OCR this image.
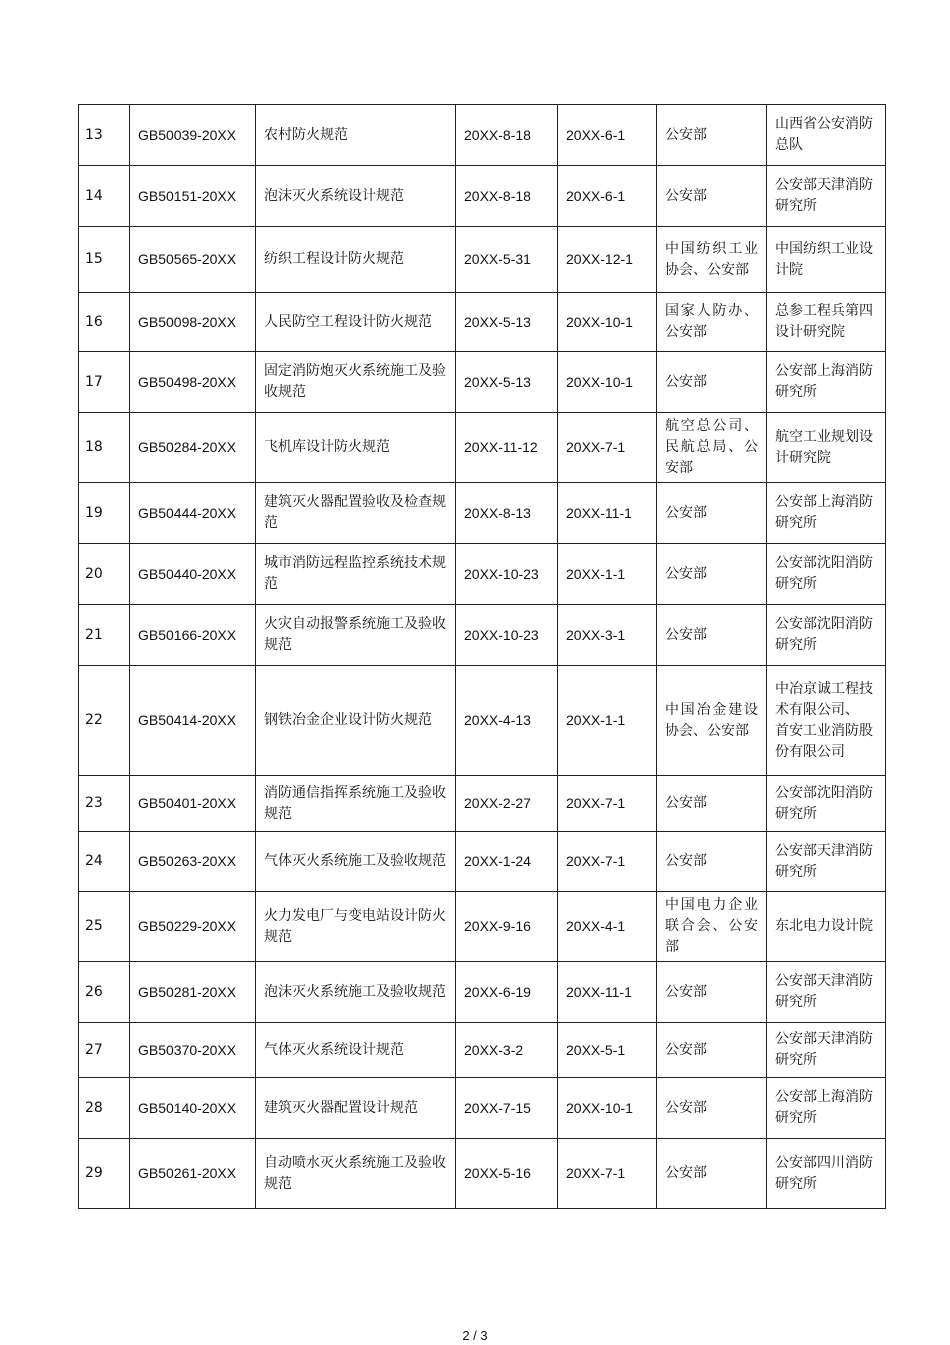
13	GB50039-20XX	农村防火规范	20XX-8-18	20XX-6-1	公安部	山西省公安消防总队
14	GB50151-20XX	泡沫灭火系统设计规范	20XX-8-18	20XX-6-1	公安部	公安部天津消防研究所
15	GB50565-20XX	纺织工程设计防火规范	20XX-5-31	20XX-12-1	中国纺织工业协会、公安部	中国纺织工业设计院
16	GB50098-20XX	人民防空工程设计防火规范	20XX-5-13	20XX-10-1	国家人防办、公安部	总参工程兵第四设计研究院
17	GB50498-20XX	固定消防炮灭火系统施工及验收规范	20XX-5-13	20XX-10-1	公安部	公安部上海消防研究所
18	GB50284-20XX	飞机库设计防火规范	20XX-11-12	20XX-7-1	航空总公司、民航总局、公安部	航空工业规划设计研究院
19	GB50444-20XX	建筑灭火器配置验收及检查规范	20XX-8-13	20XX-11-1	公安部	公安部上海消防研究所
20	GB50440-20XX	城市消防远程监控系统技术规范	20XX-10-23	20XX-1-1	公安部	公安部沈阳消防研究所
21	GB50166-20XX	火灾自动报警系统施工及验收规范	20XX-10-23	20XX-3-1	公安部	公安部沈阳消防研究所
22	GB50414-20XX	钢铁冶金企业设计防火规范	20XX-4-13	20XX-1-1	中国冶金建设协会、公安部	中冶京诚工程技术有限公司、 首安工业消防股份有限公司
23	GB50401-20XX	消防通信指挥系统施工及验收规范	20XX-2-27	20XX-7-1	公安部	公安部沈阳消防研究所
24	GB50263-20XX	气体灭火系统施工及验收规范	20XX-1-24	20XX-7-1	公安部	公安部天津消防研究所
25	GB50229-20XX	火力发电厂与变电站设计防火规范	20XX-9-16	20XX-4-1	中国电力企业联合会、公安部	东北电力设计院
26	GB50281-20XX	泡沫灭火系统施工及验收规范	20XX-6-19	20XX-11-1	公安部	公安部天津消防研究所
27	GB50370-20XX	气体灭火系统设计规范	20XX-3-2	20XX-5-1	公安部	公安部天津消防研究所
28	GB50140-20XX	建筑灭火器配置设计规范	20XX-7-15	20XX-10-1	公安部	公安部上海消防研究所
29	GB50261-20XX	自动喷水灭火系统施工及验收规范	20XX-5-16	20XX-7-1	公安部	公安部四川消防研究所
2 / 3
